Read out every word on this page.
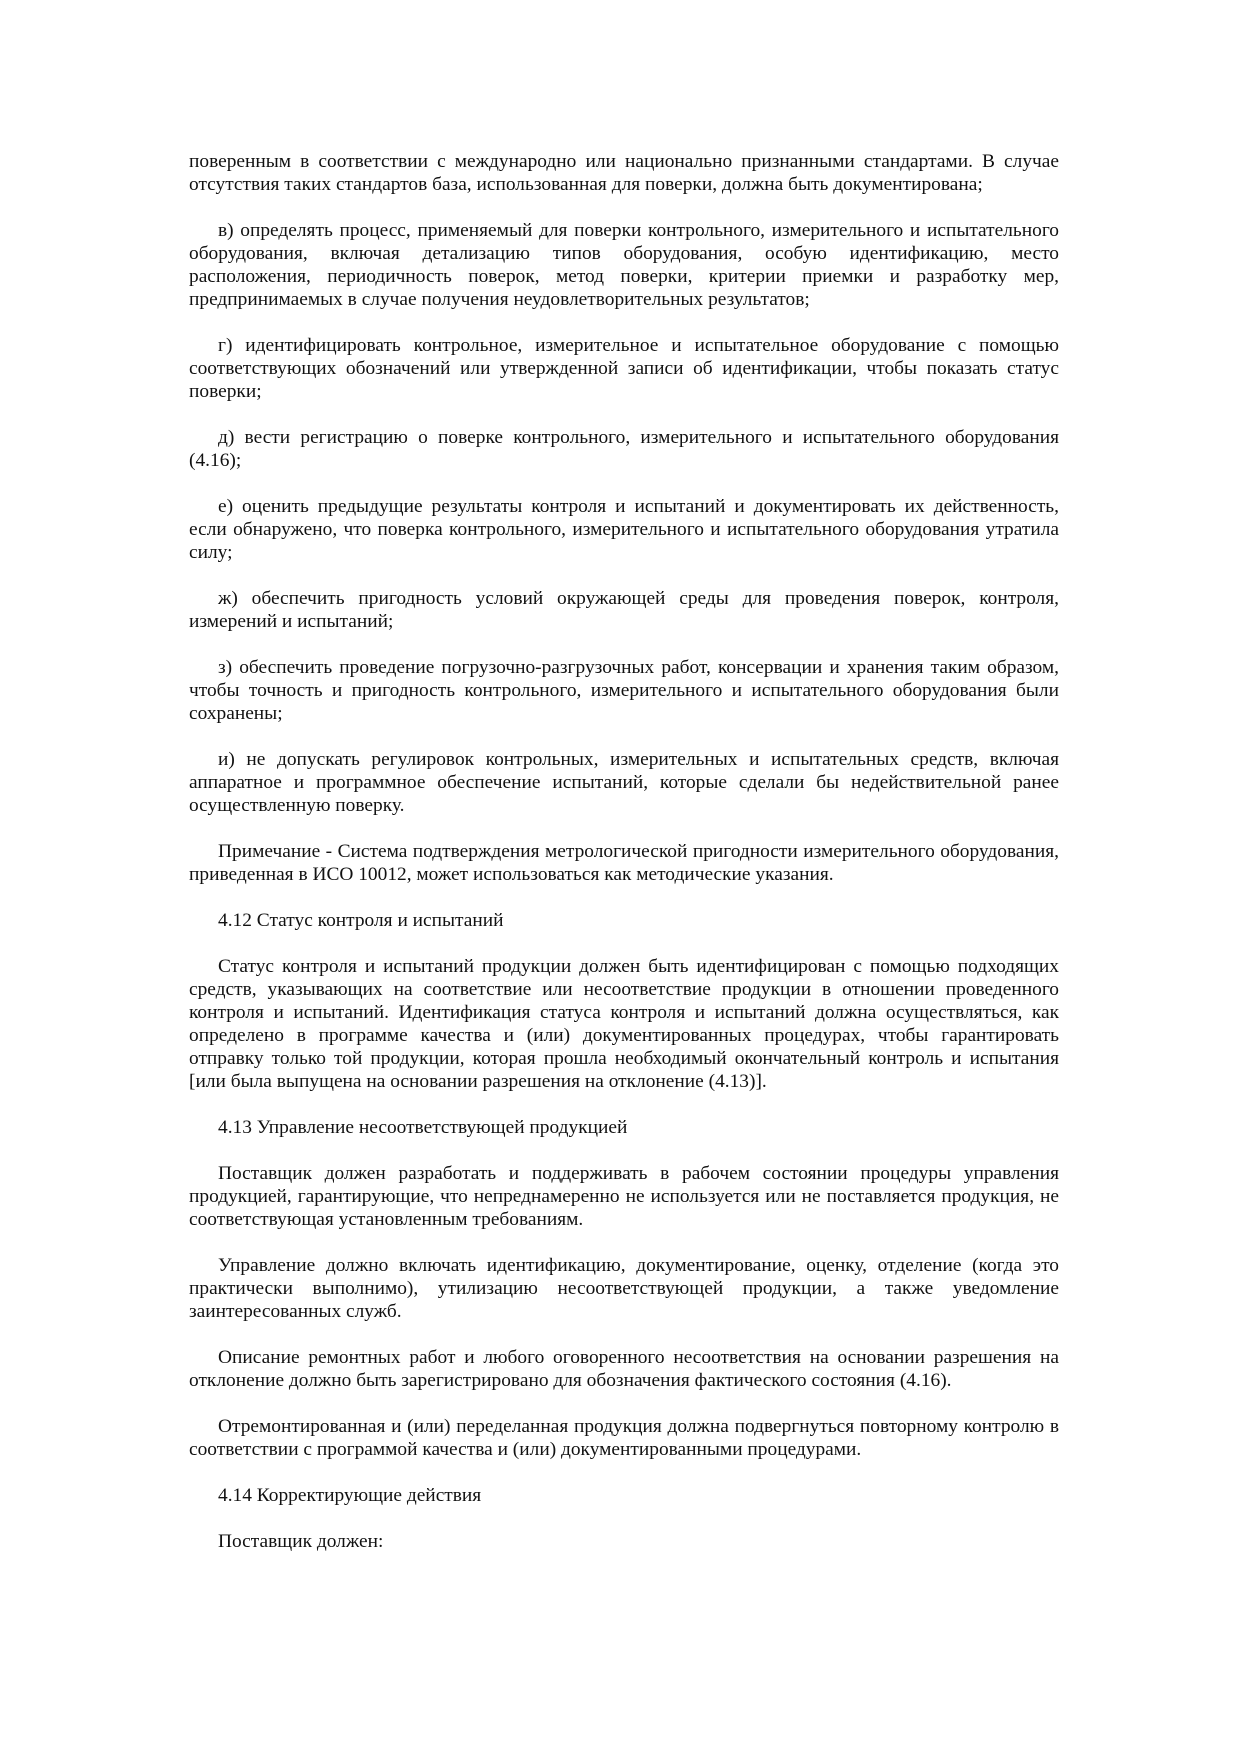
поверенным в соответствии с международно или национально признанными стандартами. В случае отсутствия таких стандартов база, использованная для поверки, должна быть документирована;

в) определять процесс, применяемый для поверки контрольного, измерительного и испытательного оборудования, включая детализацию типов оборудования, особую идентификацию, место расположения, периодичность поверок, метод поверки, критерии приемки и разработку мер, предпринимаемых в случае получения неудовлетворительных результатов;

г) идентифицировать контрольное, измерительное и испытательное оборудование с помощью соответствующих обозначений или утвержденной записи об идентификации, чтобы показать статус поверки;

д) вести регистрацию о поверке контрольного, измерительного и испытательного оборудования (4.16);

е) оценить предыдущие результаты контроля и испытаний и документировать их действенность, если обнаружено, что поверка контрольного, измерительного и испытательного оборудования утратила силу;

ж) обеспечить пригодность условий окружающей среды для проведения поверок, контроля, измерений и испытаний;

з) обеспечить проведение погрузочно-разгрузочных работ, консервации и хранения таким образом, чтобы точность и пригодность контрольного, измерительного и испытательного оборудования были сохранены;

и) не допускать регулировок контрольных, измерительных и испытательных средств, включая аппаратное и программное обеспечение испытаний, которые сделали бы недействительной ранее осуществленную поверку.

Примечание - Система подтверждения метрологической пригодности измерительного оборудования, приведенная в ИСО 10012, может использоваться как методические указания.

4.12 Статус контроля и испытаний

Статус контроля и испытаний продукции должен быть идентифицирован с помощью подходящих средств, указывающих на соответствие или несоответствие продукции в отношении проведенного контроля и испытаний. Идентификация статуса контроля и испытаний должна осуществляться, как определено в программе качества и (или) документированных процедурах, чтобы гарантировать отправку только той продукции, которая прошла необходимый окончательный контроль и испытания [или была выпущена на основании разрешения на отклонение (4.13)].

4.13 Управление несоответствующей продукцией

Поставщик должен разработать и поддерживать в рабочем состоянии процедуры управления продукцией, гарантирующие, что непреднамеренно не используется или не поставляется продукция, не соответствующая установленным требованиям.

Управление должно включать идентификацию, документирование, оценку, отделение (когда это практически выполнимо), утилизацию несоответствующей продукции, а также уведомление заинтересованных служб.

Описание ремонтных работ и любого оговоренного несоответствия на основании разрешения на отклонение должно быть зарегистрировано для обозначения фактического состояния (4.16).

Отремонтированная и (или) переделанная продукция должна подвергнуться повторному контролю в соответствии с программой качества и (или) документированными процедурами.

4.14 Корректирующие действия

Поставщик должен:
